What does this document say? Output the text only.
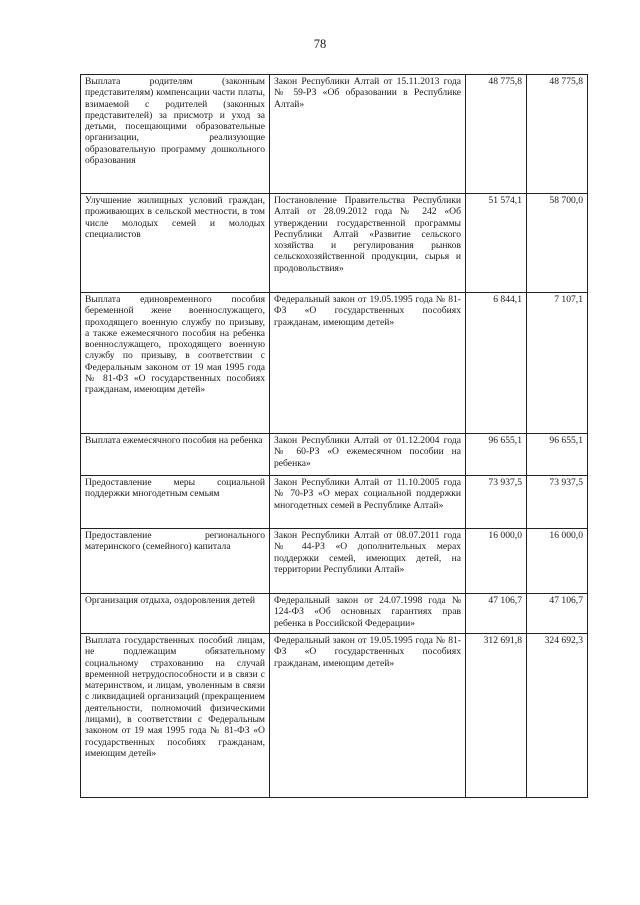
78
Выплата родителям (законным представителям) компенсации части платы, взимаемой с родителей (законных представителей) за присмотр и уход за детьми, посещающими образовательные организации, реализующие образовательную программу дошкольного образования	Закон Республики Алтай от 15.11.2013 года № 59-РЗ «Об образовании в Республике Алтай»	48 775,8	48 775,8
Улучшение жилищных условий граждан, проживающих в сельской местности, в том числе молодых семей и молодых специалистов	Постановление Правительства Республики Алтай от 28.09.2012 года № 242 «Об утверждении государственной программы Республики Алтай «Развитие сельского хозяйства и регулирования рынков сельскохозяйственной продукции, сырья и продовольствия»	51 574,1	58 700,0
Выплата единовременного пособия беременной жене военнослужащего, проходящего военную службу по призыву, а также ежемесячного пособия на ребенка военнослужащего, проходящего военную службу по призыву, в соответствии с Федеральным законом от 19 мая 1995 года № 81-ФЗ «О государственных пособиях гражданам, имеющим детей»	Федеральный закон от 19.05.1995 года № 81-ФЗ «О государственных пособиях гражданам, имеющим детей»	6 844,1	7 107,1
Выплата ежемесячного пособия на ребенка	Закон Республики Алтай от 01.12.2004 года № 60-РЗ «О ежемесячном пособии на ребенка»	96 655,1	96 655,1
Предоставление меры социальной поддержки многодетным семьям	Закон Республики Алтай от 11.10.2005 года № 70-РЗ «О мерах социальной поддержки многодетных семей в Республике Алтай»	73 937,5	73 937,5
Предоставление регионального материнского (семейного) капитала	Закон Республики Алтай от 08.07.2011 года № 44-РЗ «О дополнительных мерах поддержки семей, имеющих детей, на территории Республики Алтай»	16 000,0	16 000,0
Организация отдыха, оздоровления детей	Федеральный закон от 24.07.1998 года № 124-ФЗ «Об основных гарантиях прав ребенка в Российской Федерации»	47 106,7	47 106,7
Выплата государственных пособий лицам, не подлежащим обязательному социальному страхованию на случай временной нетрудоспособности и в связи с материнством, и лицам, уволенным в связи с ликвидацией организаций (прекращением деятельности, полномочий физическими лицами), в соответствии с Федеральным законом от 19 мая 1995 года № 81-ФЗ «О государственных пособиях гражданам, имеющим детей»	Федеральный закон от 19.05.1995 года № 81-ФЗ «О государственных пособиях гражданам, имеющим детей»	312 691,8	324 692,3
